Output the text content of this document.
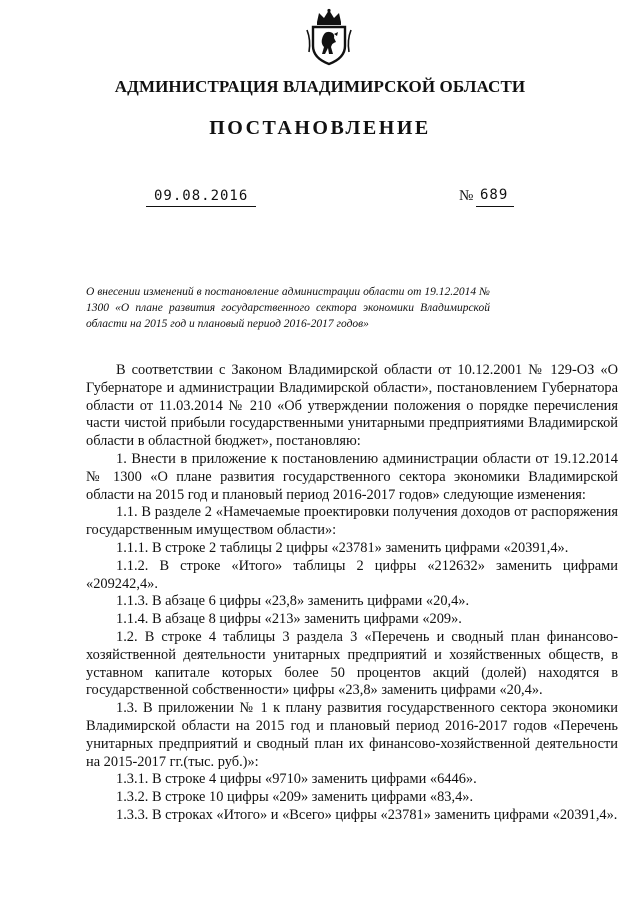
АДМИНИСТРАЦИЯ ВЛАДИМИРСКОЙ ОБЛАСТИ
ПОСТАНОВЛЕНИЕ
09.08.2016	№ 689
О внесении изменений в постановление администрации области от 19.12.2014 № 1300 «О плане развития государственного сектора экономики Владимирской области на 2015 год и плановый период 2016-2017 годов»

В соответствии с Законом Владимирской области от 10.12.2001 № 129-ОЗ «О Губернаторе и администрации Владимирской области», постановлением Губернатора области от 11.03.2014 № 210 «Об утверждении положения о порядке перечисления части чистой прибыли государственными унитарными предприятиями Владимирской области в областной бюджет», постановляю:

1. Внести в приложение к постановлению администрации области от 19.12.2014 № 1300 «О плане развития государственного сектора экономики Владимирской области на 2015 год и плановый период 2016-2017 годов» следующие изменения:

1.1. В разделе 2 «Намечаемые проектировки получения доходов от распоряжения государственным имуществом области»:

1.1.1. В строке 2 таблицы 2 цифры «23781» заменить цифрами «20391,4».

1.1.2. В строке «Итого» таблицы 2 цифры «212632» заменить цифрами «209242,4».

1.1.3. В абзаце 6 цифры «23,8» заменить цифрами «20,4».

1.1.4. В абзаце 8 цифры «213» заменить цифрами «209».

1.2. В строке 4 таблицы 3 раздела 3 «Перечень и сводный план финансово-хозяйственной деятельности унитарных предприятий и хозяйственных обществ, в уставном капитале которых более 50 процентов акций (долей) находятся в государственной собственности» цифры «23,8» заменить цифрами «20,4».

1.3. В приложении № 1 к плану развития государственного сектора экономики Владимирской области на 2015 год и плановый период 2016-2017 годов «Перечень унитарных предприятий и сводный план их финансово-хозяйственной деятельности на 2015-2017 гг.(тыс. руб.)»:

1.3.1. В строке 4 цифры «9710» заменить цифрами «6446».

1.3.2. В строке 10 цифры «209» заменить цифрами «83,4».

1.3.3. В строках «Итого» и «Всего» цифры «23781» заменить цифрами «20391,4».
